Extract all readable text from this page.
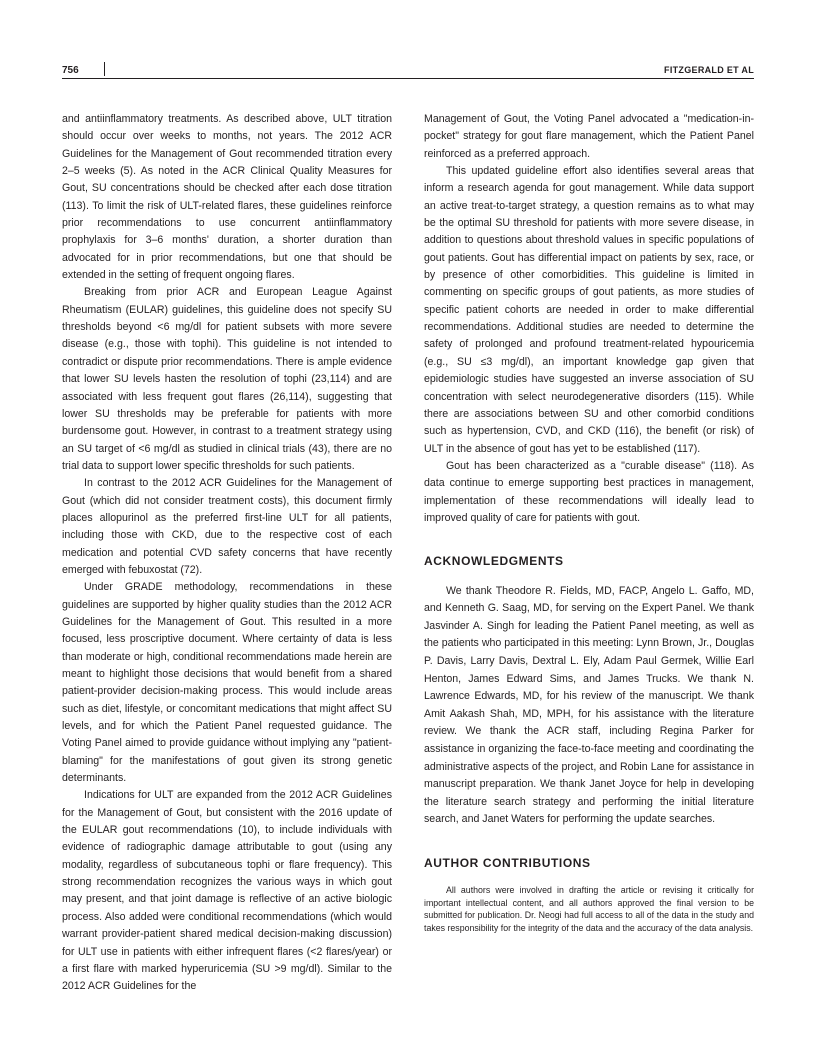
756	FITZGERALD ET AL

and antiinflammatory treatments. As described above, ULT titration should occur over weeks to months, not years. The 2012 ACR Guidelines for the Management of Gout recommended titration every 2–5 weeks (5). As noted in the ACR Clinical Quality Measures for Gout, SU concentrations should be checked after each dose titration (113). To limit the risk of ULT-related flares, these guidelines reinforce prior recommendations to use concurrent antiinflammatory prophylaxis for 3–6 months' duration, a shorter duration than advocated for in prior recommendations, but one that should be extended in the setting of frequent ongoing flares.

Breaking from prior ACR and European League Against Rheumatism (EULAR) guidelines, this guideline does not specify SU thresholds beyond <6 mg/dl for patient subsets with more severe disease (e.g., those with tophi). This guideline is not intended to contradict or dispute prior recommendations. There is ample evidence that lower SU levels hasten the resolution of tophi (23,114) and are associated with less frequent gout flares (26,114), suggesting that lower SU thresholds may be preferable for patients with more burdensome gout. However, in contrast to a treatment strategy using an SU target of <6 mg/dl as studied in clinical trials (43), there are no trial data to support lower specific thresholds for such patients.

In contrast to the 2012 ACR Guidelines for the Management of Gout (which did not consider treatment costs), this document firmly places allopurinol as the preferred first-line ULT for all patients, including those with CKD, due to the respective cost of each medication and potential CVD safety concerns that have recently emerged with febuxostat (72).

Under GRADE methodology, recommendations in these guidelines are supported by higher quality studies than the 2012 ACR Guidelines for the Management of Gout. This resulted in a more focused, less proscriptive document. Where certainty of data is less than moderate or high, conditional recommendations made herein are meant to highlight those decisions that would benefit from a shared patient-provider decision-making process. This would include areas such as diet, lifestyle, or concomitant medications that might affect SU levels, and for which the Patient Panel requested guidance. The Voting Panel aimed to provide guidance without implying any "patient-blaming" for the manifestations of gout given its strong genetic determinants.

Indications for ULT are expanded from the 2012 ACR Guidelines for the Management of Gout, but consistent with the 2016 update of the EULAR gout recommendations (10), to include individuals with evidence of radiographic damage attributable to gout (using any modality, regardless of subcutaneous tophi or flare frequency). This strong recommendation recognizes the various ways in which gout may present, and that joint damage is reflective of an active biologic process. Also added were conditional recommendations (which would warrant provider-patient shared medical decision-making discussion) for ULT use in patients with either infrequent flares (<2 flares/year) or a first flare with marked hyperuricemia (SU >9 mg/dl). Similar to the 2012 ACR Guidelines for the

Management of Gout, the Voting Panel advocated a "medication-in-pocket" strategy for gout flare management, which the Patient Panel reinforced as a preferred approach.

This updated guideline effort also identifies several areas that inform a research agenda for gout management. While data support an active treat-to-target strategy, a question remains as to what may be the optimal SU threshold for patients with more severe disease, in addition to questions about threshold values in specific populations of gout patients. Gout has differential impact on patients by sex, race, or by presence of other comorbidities. This guideline is limited in commenting on specific groups of gout patients, as more studies of specific patient cohorts are needed in order to make differential recommendations. Additional studies are needed to determine the safety of prolonged and profound treatment-related hypouricemia (e.g., SU ≤3 mg/dl), an important knowledge gap given that epidemiologic studies have suggested an inverse association of SU concentration with select neurodegenerative disorders (115). While there are associations between SU and other comorbid conditions such as hypertension, CVD, and CKD (116), the benefit (or risk) of ULT in the absence of gout has yet to be established (117).

Gout has been characterized as a "curable disease" (118). As data continue to emerge supporting best practices in management, implementation of these recommendations will ideally lead to improved quality of care for patients with gout.

ACKNOWLEDGMENTS

We thank Theodore R. Fields, MD, FACP, Angelo L. Gaffo, MD, and Kenneth G. Saag, MD, for serving on the Expert Panel. We thank Jasvinder A. Singh for leading the Patient Panel meeting, as well as the patients who participated in this meeting: Lynn Brown, Jr., Douglas P. Davis, Larry Davis, Dextral L. Ely, Adam Paul Germek, Willie Earl Henton, James Edward Sims, and James Trucks. We thank N. Lawrence Edwards, MD, for his review of the manuscript. We thank Amit Aakash Shah, MD, MPH, for his assistance with the literature review. We thank the ACR staff, including Regina Parker for assistance in organizing the face-to-face meeting and coordinating the administrative aspects of the project, and Robin Lane for assistance in manuscript preparation. We thank Janet Joyce for help in developing the literature search strategy and performing the initial literature search, and Janet Waters for performing the update searches.

AUTHOR CONTRIBUTIONS

All authors were involved in drafting the article or revising it critically for important intellectual content, and all authors approved the final version to be submitted for publication. Dr. Neogi had full access to all of the data in the study and takes responsibility for the integrity of the data and the accuracy of the data analysis.
